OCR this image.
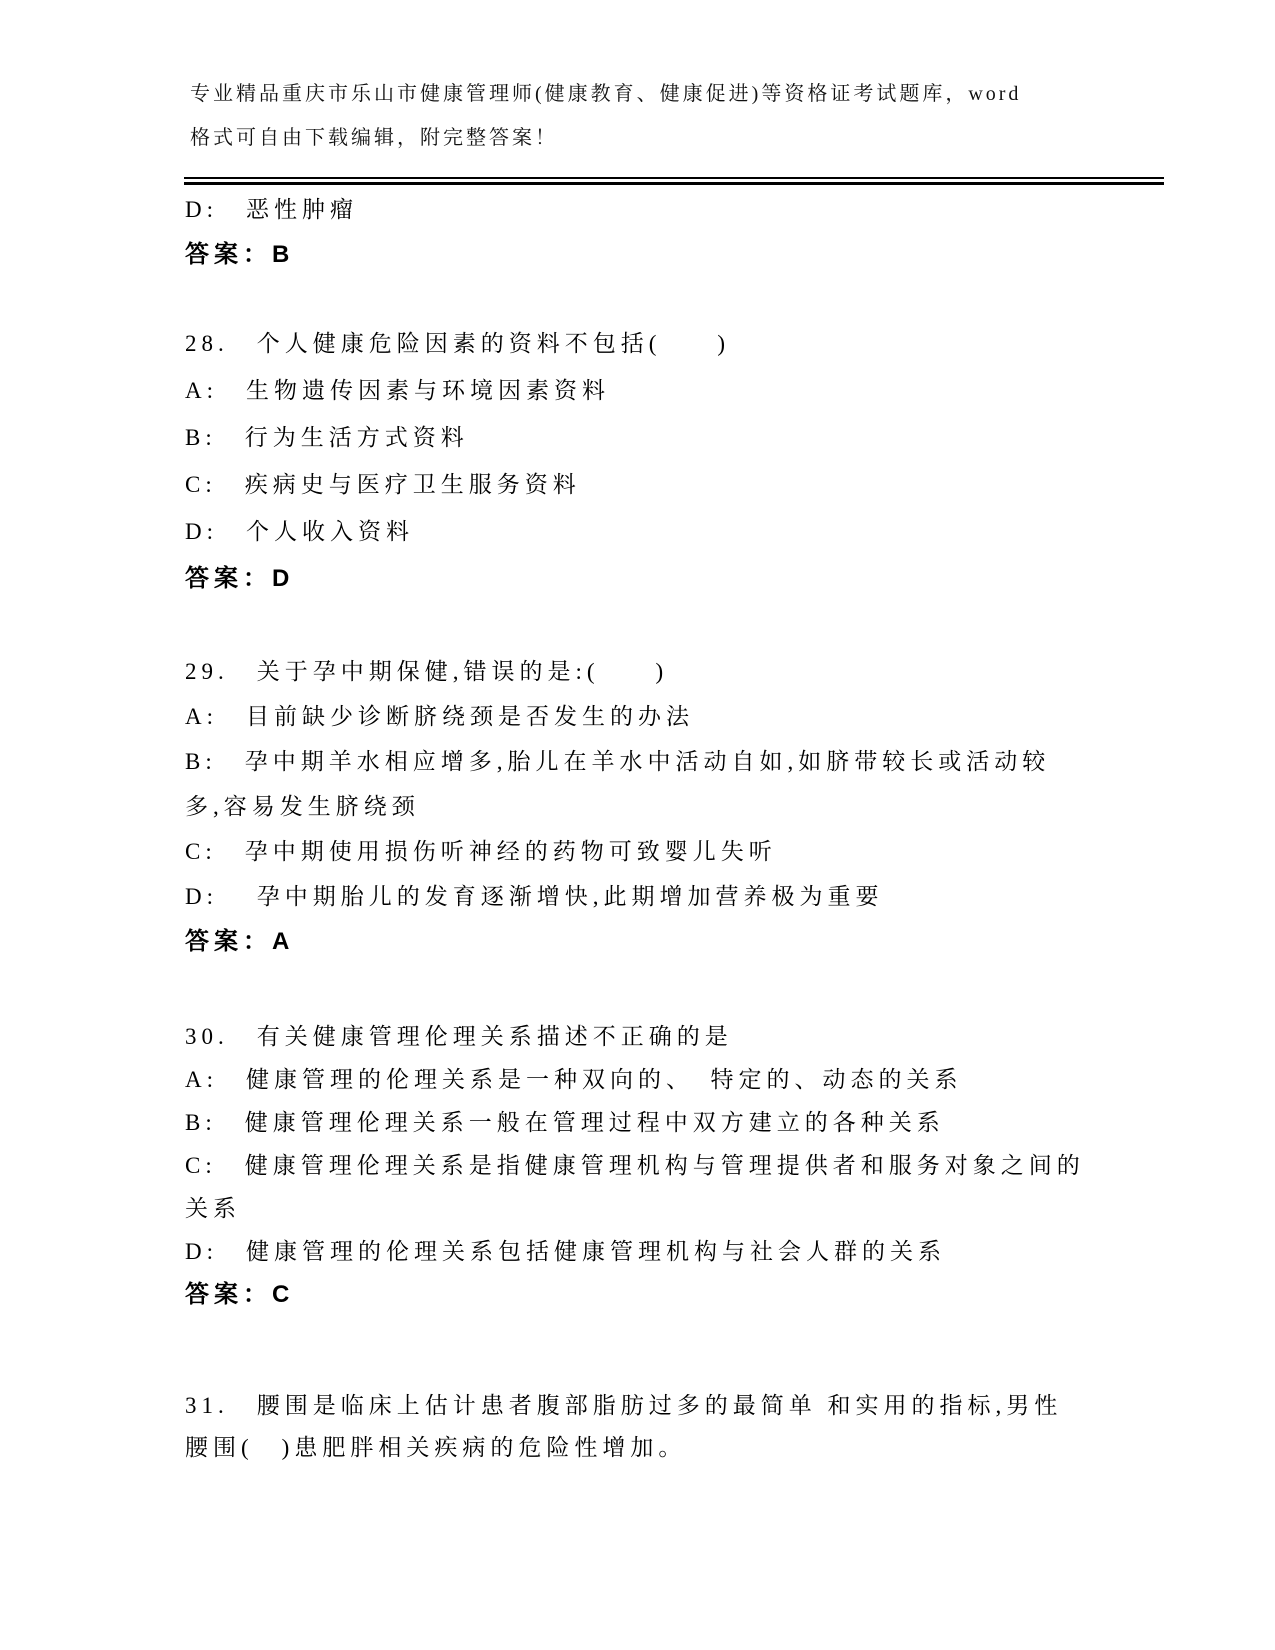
专业精品重庆市乐山市健康管理师(健康教育、健康促进)等资格证考试题库，word
格式可自由下载编辑，附完整答案！
D:　恶性肿瘤
答案：B
28.　个人健康危险因素的资料不包括(　　)
A:　生物遗传因素与环境因素资料
B:　行为生活方式资料
C:　疾病史与医疗卫生服务资料
D:　个人收入资料
答案：D
29.　关于孕中期保健,错误的是:(　　)
A:　目前缺少诊断脐绕颈是否发生的办法
B:　孕中期羊水相应增多,胎儿在羊水中活动自如,如脐带较长或活动较多,容易发生脐绕颈
C:　孕中期使用损伤听神经的药物可致婴儿失听
D:　 孕中期胎儿的发育逐渐增快,此期增加营养极为重要
答案：A
30.　有关健康管理伦理关系描述不正确的是
A:　健康管理的伦理关系是一种双向的、　特定的、动态的关系
B:　健康管理伦理关系一般在管理过程中双方建立的各种关系
C:　健康管理伦理关系是指健康管理机构与管理提供者和服务对象之间的关系
D:　健康管理的伦理关系包括健康管理机构与社会人群的关系
答案：C
31.　腰围是临床上估计患者腹部脂肪过多的最简单 和实用的指标,男性腰围(　)患肥胖相关疾病的危险性增加。
